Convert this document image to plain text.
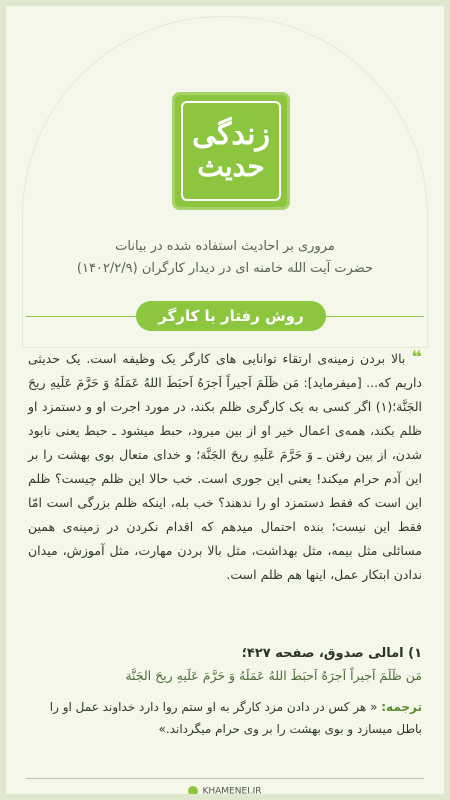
زندگی
حدیث
مروری بر احادیث استفاده شده در بیانات
حضرت آیت الله خامنه ای در دیدار کارگران (۱۴۰۲/۲/۹)
روش رفتار با کارگر
❝بالا بردن زمینه‌ی ارتقاء توانایی های کارگر یک وظیفه است. یک حدیثی داریم که... [میفرماید]: مَن ظَلَمَ اَجیراً اَجرَهُ اَحبَطَ اللهُ عَمَلَهُ وَ حَرَّمَ عَلَیهِ ریحَ الجَنَّة؛(۱) اگر کسی به یک کارگری ظلم بکند، در مورد اجرت او و دستمزد او ظلم بکند، همه‌ی اعمال خیر او از بین میرود، حبط میشود ـ حبط یعنی نابود شدن، از بین رفتن ـ وَ حَرَّمَ عَلَیهِ ریحَ الجَنَّة؛ و خدای متعال بوی بهشت را بر این آدم حرام میکند! یعنی این جوری است. خب حالا این ظلم چیست؟ ظلم این است که فقط دستمزد او را ندهند؟ خب بله، اینکه ظلم بزرگی است امّا فقط این نیست؛ بنده احتمال میدهم که اقدام نکردن در زمینه‌ی همین مسائلی مثل بیمه، مثل بهداشت، مثل بالا بردن مهارت، مثل آموزش، میدان ندادن ابتکار عمل، اینها هم ظلم است.
۱) امالی صدوق، صفحه ۴۲۷؛
مَن ظَلَمَ اَجیراً اَجرَهُ اَحبَطَ اللهُ عَمَلَهُ وَ حَرَّمَ عَلَیهِ ریحَ الجَنَّة
ترجمه: « هر کس در دادن مزد کارگر به او ستم روا دارد خداوند عمل او را باطل میسازد و بوی بهشت را بر وی حرام میگرداند.»
KHAMENEI.IR
